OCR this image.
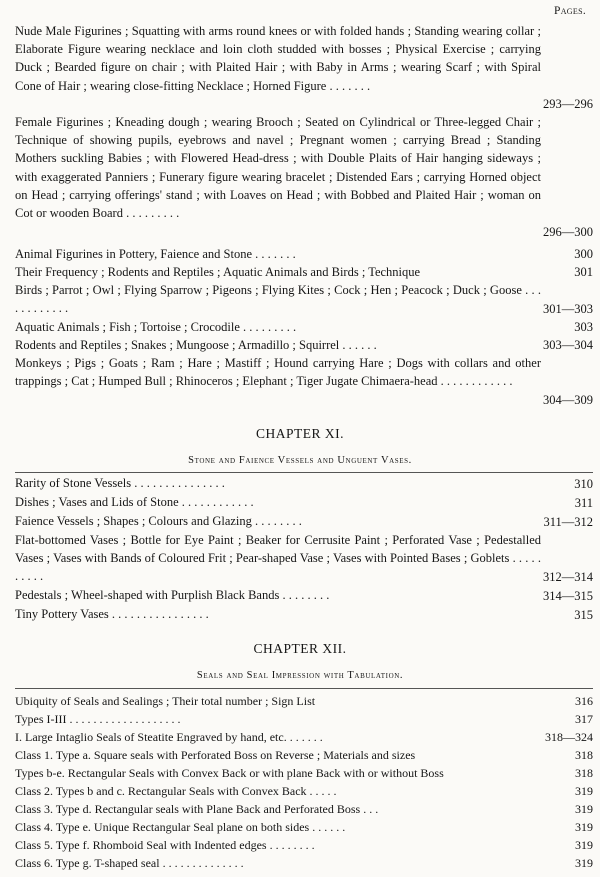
Pages.
Nude Male Figurines ; Squatting with arms round knees or with folded hands ; Standing wearing collar ; Elaborate Figure wearing necklace and loin cloth studded with bosses ; Physical Exercise ; carrying Duck ; Bearded figure on chair ; with Plaited Hair ; with Baby in Arms ; wearing Scarf ; with Spiral Cone of Hair ; wearing close-fitting Necklace ; Horned Figure . . . . . . .
293—296
Female Figurines ; Kneading dough ; wearing Brooch ; Seated on Cylindrical or Three-legged Chair ; Technique of showing pupils, eyebrows and navel ; Pregnant women ; carrying Bread ; Standing Mothers suckling Babies ; with Flowered Head-dress ; with Double Plaits of Hair hanging sideways ; with exaggerated Panniers ; Funerary figure wearing bracelet ; Distended Ears ; carrying Horned object on Head ; carrying offerings' stand ; with Loaves on Head ; with Bobbed and Plaited Hair ; woman on Cot or wooden Board . . . . . . . . .
296—300
Animal Figurines in Pottery, Faience and Stone . . . . . . .	300
Their Frequency ; Rodents and Reptiles ; Aquatic Animals and Birds ; Technique	301
Birds ; Parrot ; Owl ; Flying Sparrow ; Pigeons ; Flying Kites ; Cock ; Hen ; Peacock ; Duck ; Goose . . . . . . . . . . . .	301—303
Aquatic Animals ; Fish ; Tortoise ; Crocodile . . . . . . . . .	303
Rodents and Reptiles ; Snakes ; Mungoose ; Armadillo ; Squirrel . . . . . .	303—304
Monkeys ; Pigs ; Goats ; Ram ; Hare ; Mastiff ; Hound carrying Hare ; Dogs with collars and other trappings ; Cat ; Humped Bull ; Rhinoceros ; Elephant ; Tiger Jugate Chimaera-head . . . . . . . . . . . .
304—309
CHAPTER XI.
Stone and Faience Vessels and Unguent Vases.
Rarity of Stone Vessels . . . . . . . . . . . . . . .	310
Dishes ; Vases and Lids of Stone . . . . . . . . . . . .	311
Faience Vessels ; Shapes ; Colours and Glazing . . . . . . . .	311—312
Flat-bottomed Vases ; Bottle for Eye Paint ; Beaker for Cerrusite Paint ; Perforated Vase ; Pedestalled Vases ; Vases with Bands of Coloured Frit ; Pear-shaped Vase ; Vases with Pointed Bases ; Goblets . . . . . . . . . .	312—314
Pedestals ; Wheel-shaped with Purplish Black Bands . . . . . . . .	314—315
Tiny Pottery Vases . . . . . . . . . . . . . . . .	315
CHAPTER XII.
Seals and Seal Impression with Tabulation.
Ubiquity of Seals and Sealings ; Their total number ; Sign List	316
Types I-III . . . . . . . . . . . . . . . . . . .	317
I. Large Intaglio Seals of Steatite Engraved by hand, etc. . . . . . .	318—324
Class 1. Type a. Square seals with Perforated Boss on Reverse ; Materials and sizes	318
Types b-e. Rectangular Seals with Convex Back or with plane Back with or without Boss	318
Class 2. Types b and c. Rectangular Seals with Convex Back . . . . .	319
Class 3. Type d. Rectangular seals with Plane Back and Perforated Boss . . .	319
Class 4. Type e. Unique Rectangular Seal plane on both sides . . . . . .	319
Class 5. Type f. Rhomboid Seal with Indented edges . . . . . . . .	319
Class 6. Type g. T-shaped seal . . . . . . . . . . . . . .	319
